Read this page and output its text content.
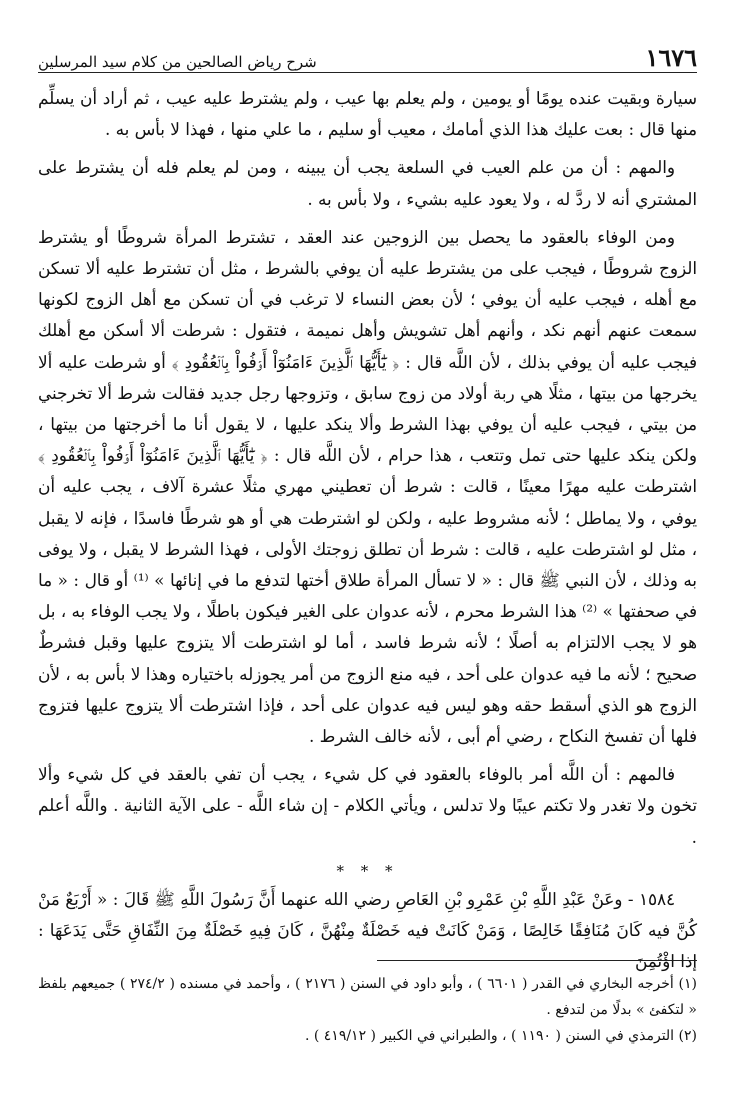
١٦٧٦
شرح رياض الصالحين من كلام سيد المرسلين

سيارة وبقيت عنده يومًا أو يومين ، ولم يعلم بها عيب ، ولم يشترط عليه عيب ، ثم أراد أن يسلِّم منها قال : بعت عليك هذا الذي أمامك ، معيب أو سليم ، ما علي منها ، فهذا لا بأس به .

والمهم : أن من علم العيب في السلعة يجب أن يبينه ، ومن لم يعلم فله أن يشترط على المشتري أنه لا ردَّ له ، ولا يعود عليه بشيء ، ولا بأس به .

ومن الوفاء بالعقود ما يحصل بين الزوجين عند العقد ، تشترط المرأة شروطًا أو يشترط الزوج شروطًا ، فيجب على من يشترط عليه أن يوفي بالشرط ، مثل أن تشترط عليه ألا تسكن مع أهله ، فيجب عليه أن يوفي ؛ لأن بعض النساء لا ترغب في أن تسكن مع أهل الزوج لكونها سمعت عنهم أنهم نكد ، وأنهم أهل تشويش وأهل نميمة ، فتقول : شرطت ألا أسكن مع أهلك فيجب عليه أن يوفي بذلك ، لأن اللَّه قال : ﴿ يَٰٓأَيُّهَا ٱلَّذِينَ ءَامَنُوٓاْ أَوۡفُواْ بِٱلۡعُقُودِ ﴾ أو شرطت عليه ألا يخرجها من بيتها ، مثلًا هي ربة أولاد من زوج سابق ، وتزوجها رجل جديد فقالت شرط ألا تخرجني من بيتي ، فيجب عليه أن يوفي بهذا الشرط وألا ينكد عليها ، لا يقول أنا ما أخرجتها من بيتها ، ولكن ينكد عليها حتى تمل وتتعب ، هذا حرام ، لأن اللَّه قال : ﴿ يَٰٓأَيُّهَا ٱلَّذِينَ ءَامَنُوٓاْ أَوۡفُواْ بِٱلۡعُقُودِ ﴾ اشترطت عليه مهرًا معينًا ، قالت : شرط أن تعطيني مهري مثلًا عشرة آلاف ، يجب عليه أن يوفي ، ولا يماطل ؛ لأنه مشروط عليه ، ولكن لو اشترطت هي أو هو شرطًا فاسدًا ، فإنه لا يقبل ، مثل لو اشترطت عليه ، قالت : شرط أن تطلق زوجتك الأولى ، فهذا الشرط لا يقبل ، ولا يوفى به وذلك ، لأن النبي ﷺ قال : « لا تسأل المرأة طلاق أختها لتدفع ما في إنائها » ⁽¹⁾ أو قال : « ما في صحفتها » ⁽²⁾ هذا الشرط محرم ، لأنه عدوان على الغير فيكون باطلًا ، ولا يجب الوفاء به ، بل هو لا يجب الالتزام به أصلًا ؛ لأنه شرط فاسد ، أما لو اشترطت ألا يتزوج عليها وقبل فشرطٌ صحيح ؛ لأنه ما فيه عدوان على أحد ، فيه منع الزوج من أمر يجوزله باختياره وهذا لا بأس به ، لأن الزوج هو الذي أسقط حقه وهو ليس فيه عدوان على أحد ، فإذا اشترطت ألا يتزوج عليها فتزوج فلها أن تفسخ النكاح ، رضي أم أبى ، لأنه خالف الشرط .

فالمهم : أن اللَّه أمر بالوفاء بالعقود في كل شيء ، يجب أن تفي بالعقد في كل شيء وألا تخون ولا تغدر ولا تكتم عيبًا ولا تدلس ، ويأتي الكلام - إن شاء اللَّه - على الآية الثانية . واللَّه أعلم .

* * *

١٥٨٤ - وعَنْ عَبْدِ اللَّهِ بْنِ عَمْرِو بْنِ العَاصِ رضي الله عنهما أَنَّ رَسُولَ اللَّهِ ﷺ قَالَ : « أَرْبَعٌ مَنْ كُنَّ فيه كَانَ مُنَافِقًا خَالِصًا ، وَمَنْ كَانَتْ فيه خَصْلَةٌ مِنْهُنَّ ، كَانَ فِيهِ خَصْلَةٌ مِنَ النِّفَاقِ حَتَّى يَدَعَهَا : إذا اؤْتُمِنَ

(١) أخرجه البخاري في القدر ( ٦٦٠١ ) ، وأبو داود في السنن ( ٢١٧٦ ) ، وأحمد في مسنده ( ٢٧٤/٢ ) جميعهم بلفظ « لتكفئ » بدلًا من لتدفع .

(٢) الترمذي في السنن ( ١١٩٠ ) ، والطبراني في الكبير ( ٤١٩/١٢ ) .
